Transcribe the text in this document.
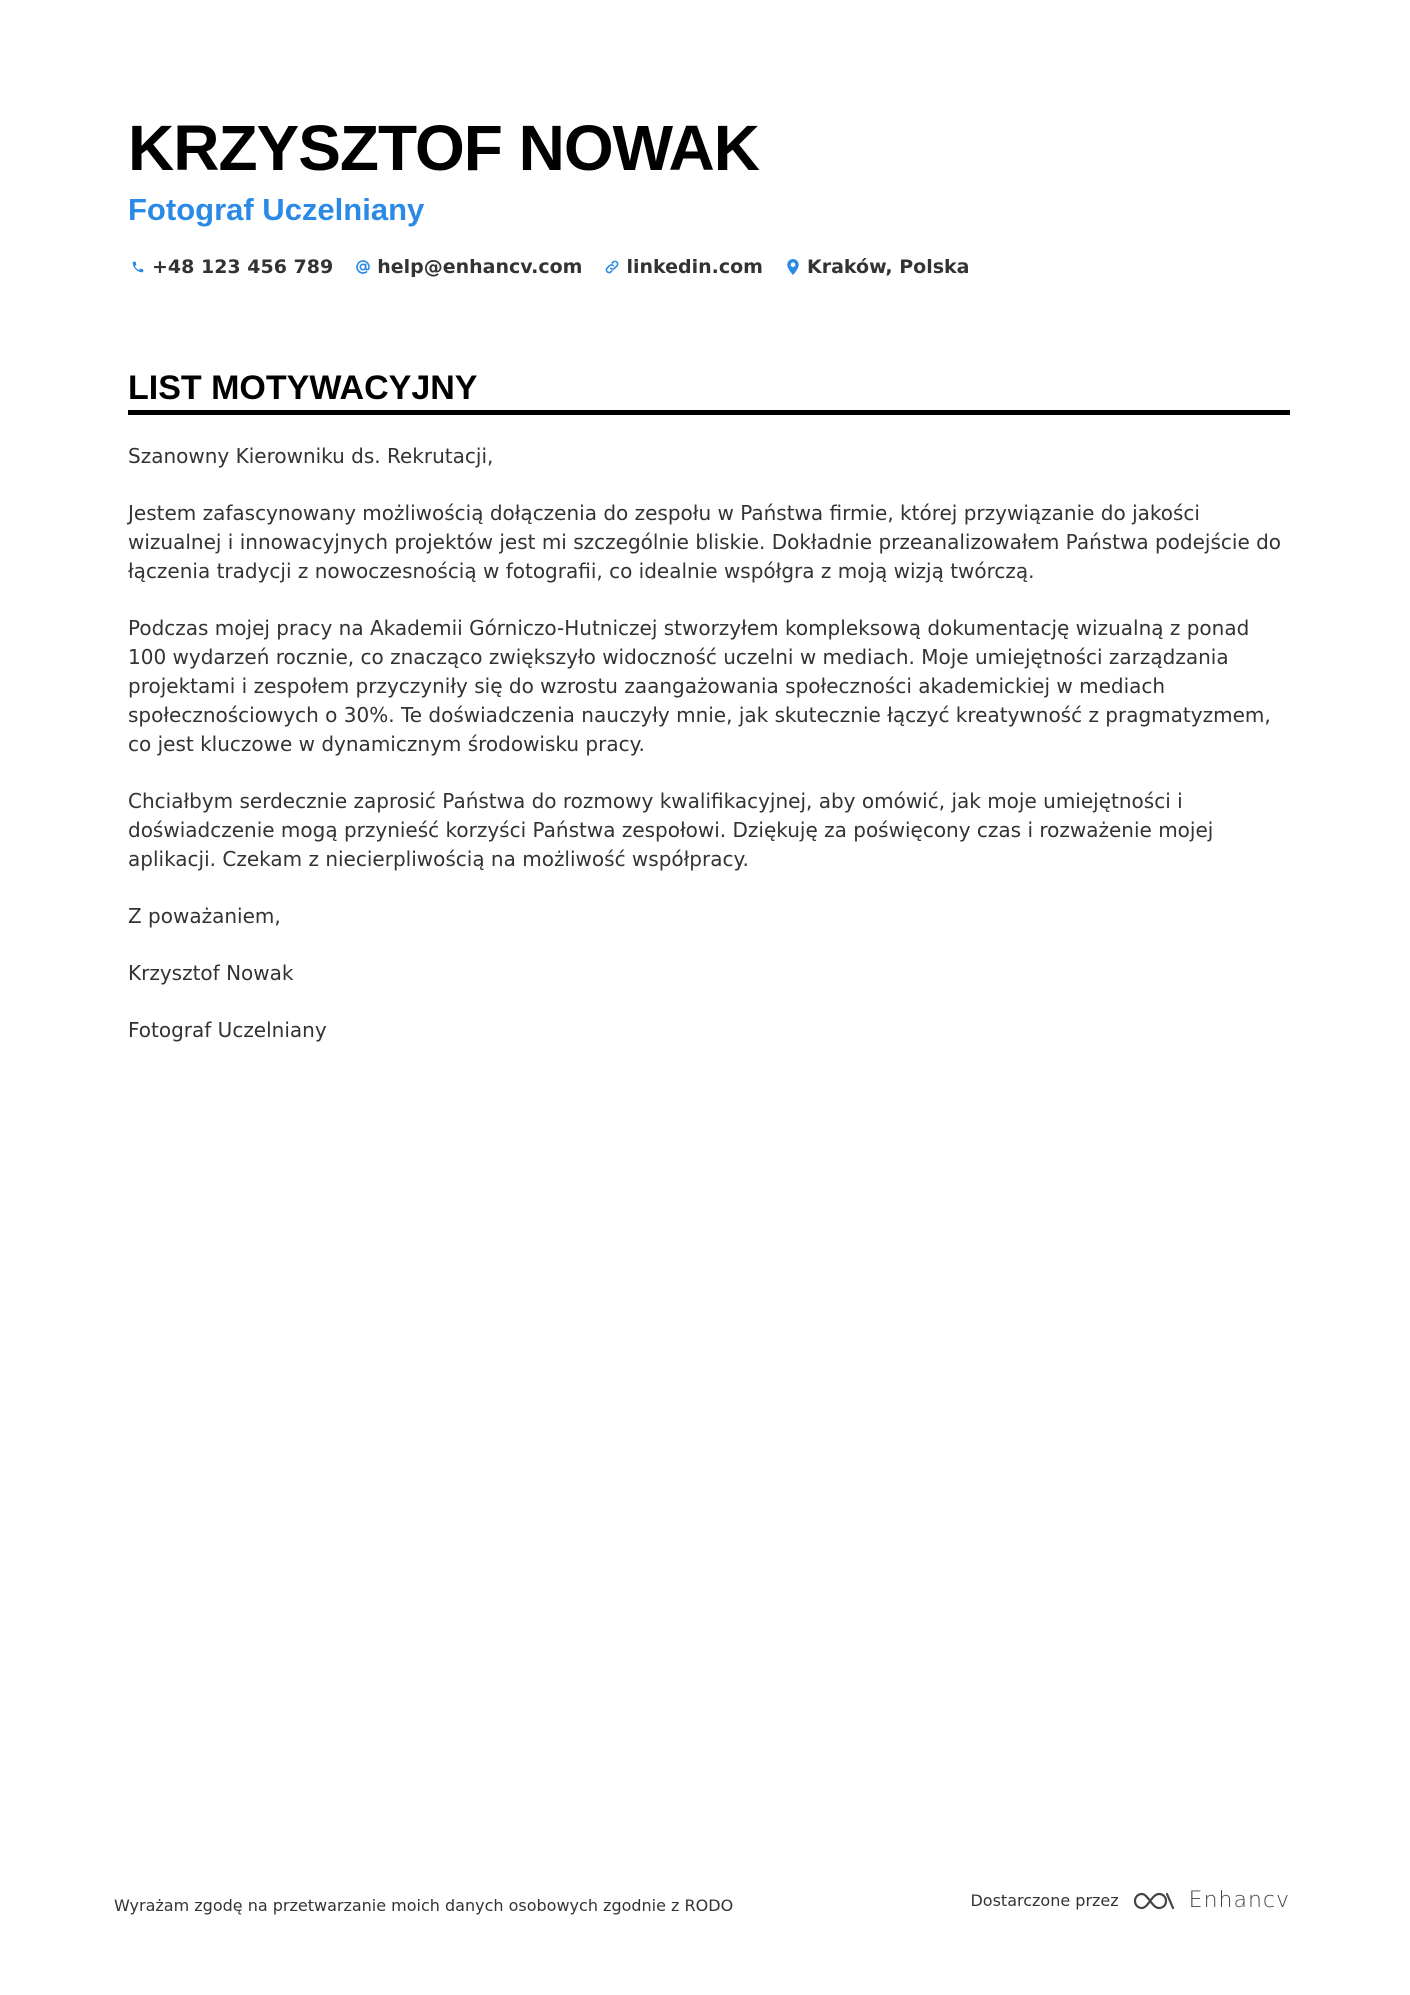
KRZYSZTOF NOWAK
Fotograf Uczelniany
+48 123 456 789 help@enhancv.com linkedin.com Kraków, Polska
LIST MOTYWACYJNY

Szanowny Kierowniku ds. Rekrutacji,

Jestem zafascynowany możliwością dołączenia do zespołu w Państwa firmie, której przywiązanie do jakości wizualnej i innowacyjnych projektów jest mi szczególnie bliskie. Dokładnie przeanalizowałem Państwa podejście do łączenia tradycji z nowoczesnością w fotografii, co idealnie współgra z moją wizją twórczą.

Podczas mojej pracy na Akademii Górniczo-Hutniczej stworzyłem kompleksową dokumentację wizualną z ponad 100 wydarzeń rocznie, co znacząco zwiększyło widoczność uczelni w mediach. Moje umiejętności zarządzania projektami i zespołem przyczyniły się do wzrostu zaangażowania społeczności akademickiej w mediach społecznościowych o 30%. Te doświadczenia nauczyły mnie, jak skutecznie łączyć kreatywność z pragmatyzmem, co jest kluczowe w dynamicznym środowisku pracy.

Chciałbym serdecznie zaprosić Państwa do rozmowy kwalifikacyjnej, aby omówić, jak moje umiejętności i doświadczenie mogą przynieść korzyści Państwa zespołowi. Dziękuję za poświęcony czas i rozważenie mojej aplikacji. Czekam z niecierpliwością na możliwość współpracy.

Z poważaniem,

Krzysztof Nowak

Fotograf Uczelniany

Wyrażam zgodę na przetwarzanie moich danych osobowych zgodnie z RODO	Dostarczone przez	Enhancv
